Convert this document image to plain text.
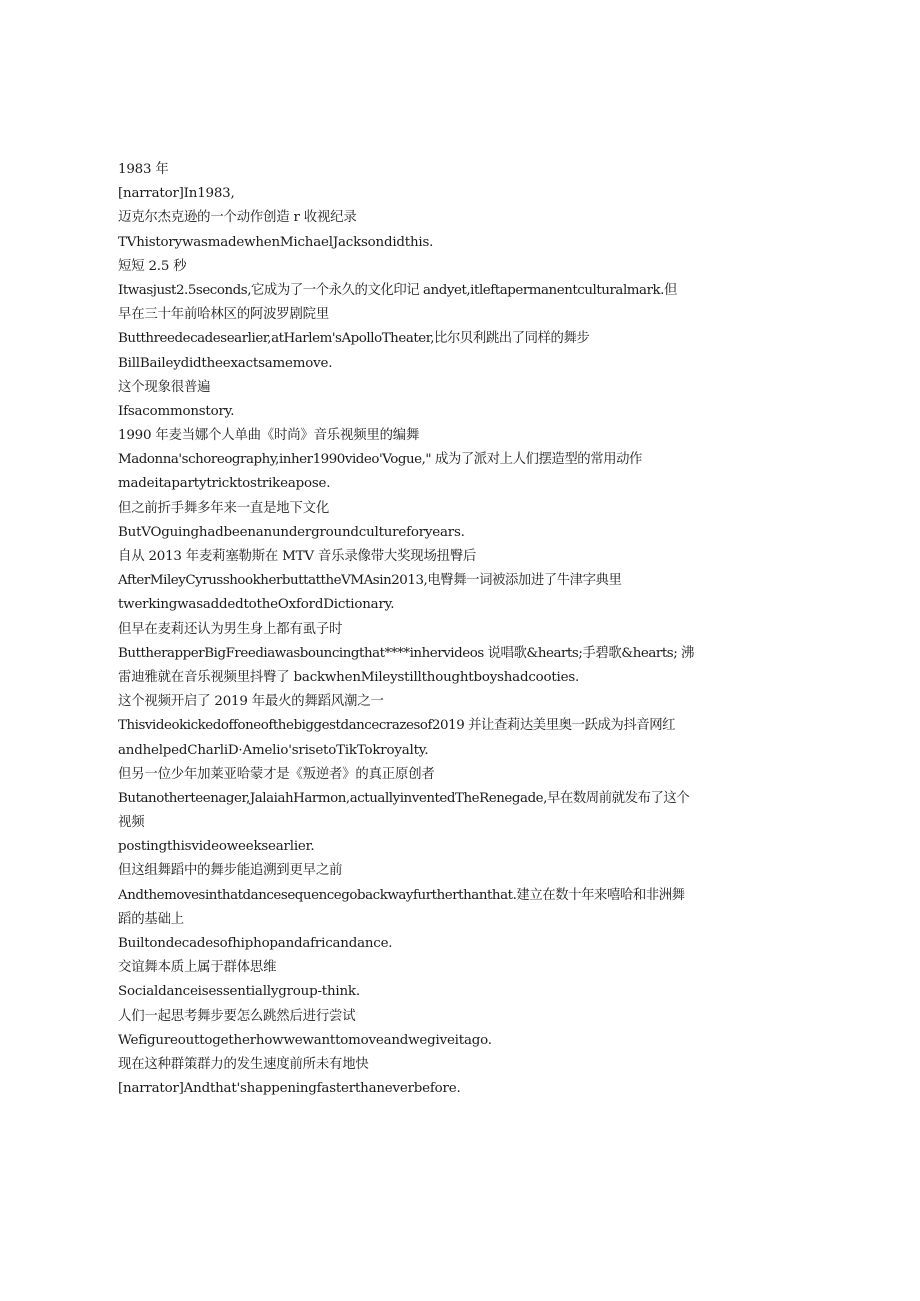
1983 年
[narrator]In1983,
迈克尔杰克逊的一个动作创造 r 收视纪录
TVhistorywasmadewhenMichaelJacksondidthis.
短短 2.5 秒
Itwasjust2.5seconds,它成为了一个永久的文化印记 andyet,itleftapermanentculturalmark.但
早在三十年前哈林区的阿波罗剧院里
Butthreedecadesearlier,atHarlem'sApolloTheater,比尔贝利跳出了同样的舞步
BillBaileydidtheexactsamemove.
这个现象很普遍
Ifsacommonstory.
1990 年麦当娜个人单曲《时尚》音乐视频里的编舞
Madonna'schoreography,inher1990video'Vogue," 成为了派对上人们摆造型的常用动作
madeitapartytricktostrikeapose.
但之前折手舞多年来一直是地下文化
ButVOguinghadbeenanundergroundcultureforyears.
自从 2013 年麦莉塞勒斯在 MTV 音乐录像带大奖现场扭臀后
AfterMileyCyrusshookherbuttattheVMAsin2013,电臀舞一词被添加进了牛津字典里
twerkingwasaddedtotheOxfordDictionary.
但早在麦莉还认为男生身上都有虱子时
ButtherapperBigFreediawasbouncingthat****inhervideos 说唱歌&hearts;手碧歌&hearts; 沸
雷迪雅就在音乐视频里抖臀了 backwhenMileystillthoughtboyshadcooties.
这个视频开启了 2019 年最火的舞蹈风潮之一
Thisvideokickedoffoneofthebiggestdancecrazesof2019 并让查莉达美里奥一跃成为抖音网红
andhelpedCharliD·Amelio'srisetoTikTokroyalty.
但另一位少年加莱亚哈蒙才是《叛逆者》的真正原创者
Butanotherteenager,JalaiahHarmon,actuallyinventedTheRenegade,早在数周前就发布了这个
视频
postingthisvideoweeksearlier.
但这组舞蹈中的舞步能追溯到更早之前
Andthemovesinthatdancesequencegobackwayfurtherthanthat.建立在数十年来嘻哈和非洲舞
蹈的基础上
Builtondecadesofhiphopandafricandance.
交谊舞本质上属于群体思维
Socialdanceisessentiallygroup-think.
人们一起思考舞步要怎么跳然后进行尝试
Wefigureouttogetherhowwewanttomoveandwegiveitago.
现在这种群策群力的发生速度前所未有地快
[narrator]Andthat'shappeningfasterthaneverbefore.
